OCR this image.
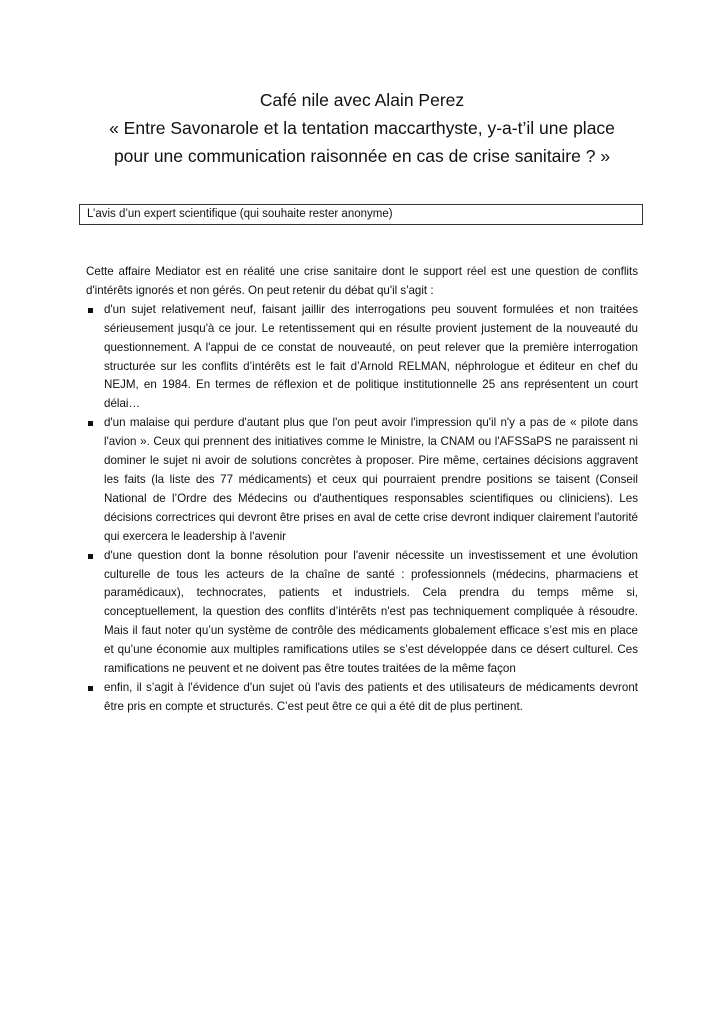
Café nile avec Alain Perez
« Entre Savonarole et la tentation maccarthyste, y-a-t’il une place
pour une communication raisonnée en cas de crise sanitaire ? »
L’avis d’un expert scientifique (qui souhaite rester anonyme)

Cette affaire Mediator est en réalité une crise sanitaire dont le support réel est une question de conflits d'intérêts ignorés et non gérés. On peut retenir du débat qu'il s'agit :

d'un sujet relativement neuf, faisant jaillir des interrogations peu souvent formulées et non traitées sérieusement jusqu'à ce jour. Le retentissement qui en résulte provient justement de la nouveauté du questionnement. A l'appui de ce constat de nouveauté, on peut relever que la première interrogation structurée sur les conflits d’intérêts est le fait d’Arnold RELMAN, néphrologue et éditeur en chef du NEJM, en 1984. En termes de réflexion et de politique institutionnelle 25 ans représentent un court délai…
d'un malaise qui perdure d'autant plus que l'on peut avoir l'impression qu'il n'y a pas de « pilote dans l'avion ». Ceux qui prennent des initiatives comme le Ministre, la CNAM ou l'AFSSaPS ne paraissent ni dominer le sujet ni avoir de solutions concrètes à proposer. Pire même, certaines décisions aggravent les faits (la liste des 77 médicaments) et ceux qui pourraient prendre positions se taisent (Conseil National de l’Ordre des Médecins ou d'authentiques responsables scientifiques ou cliniciens). Les décisions correctrices qui devront être prises en aval de cette crise devront indiquer clairement l'autorité qui exercera le leadership à l'avenir
d'une question dont la bonne résolution pour l'avenir nécessite un investissement et une évolution culturelle de tous les acteurs de la chaîne de santé : professionnels (médecins, pharmaciens et paramédicaux), technocrates, patients et industriels. Cela prendra du temps même si, conceptuellement, la question des conflits d’intérêts n'est pas techniquement compliquée à résoudre. Mais il faut noter qu’un système de contrôle des médicaments globalement efficace s’est mis en place et qu’une économie aux multiples ramifications utiles se s’est développée dans ce désert culturel. Ces ramifications ne peuvent et ne doivent pas être toutes traitées de la même façon
enfin, il s’agit à l'évidence d'un sujet où l'avis des patients et des utilisateurs de médicaments devront être pris en compte et structurés. C’est peut être ce qui a été dit de plus pertinent.
